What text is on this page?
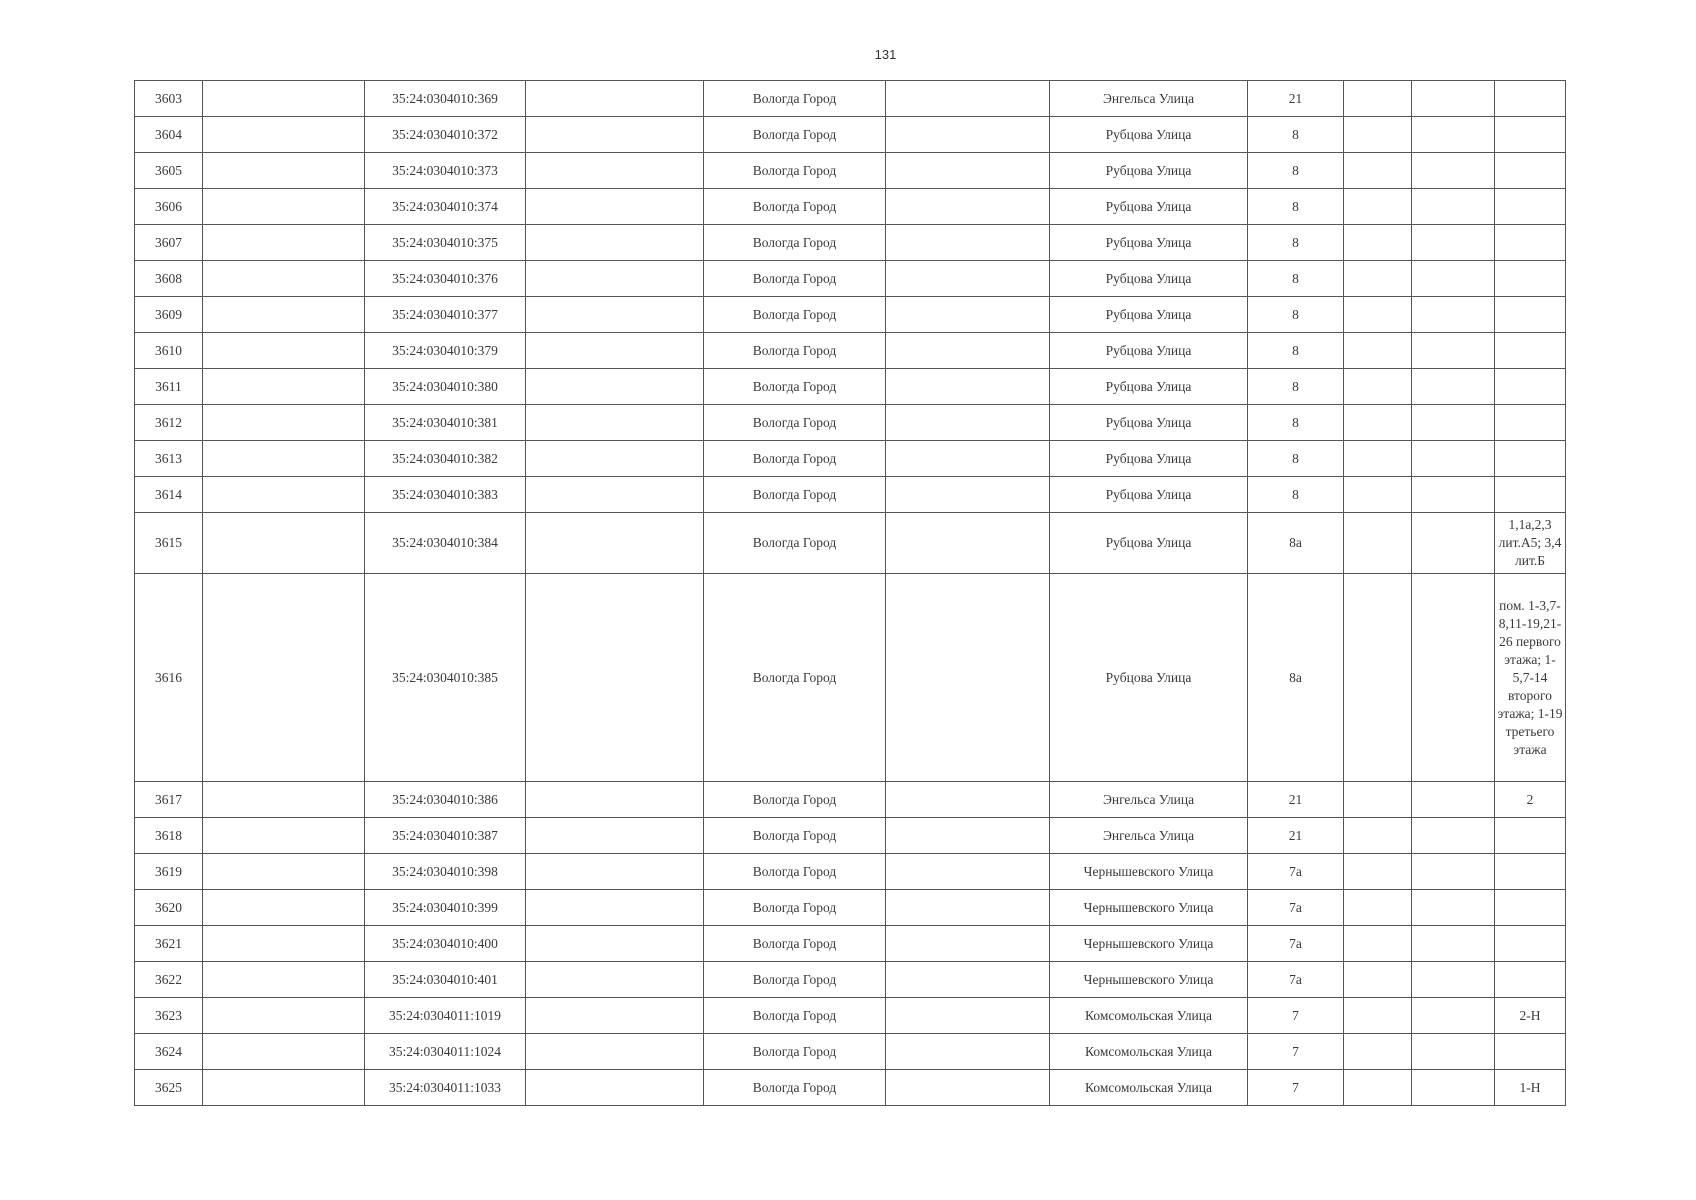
131
3603		35:24:0304010:369		Вологда Город		Энгельса Улица	21			
3604		35:24:0304010:372		Вологда Город		Рубцова Улица	8			
3605		35:24:0304010:373		Вологда Город		Рубцова Улица	8			
3606		35:24:0304010:374		Вологда Город		Рубцова Улица	8			
3607		35:24:0304010:375		Вологда Город		Рубцова Улица	8			
3608		35:24:0304010:376		Вологда Город		Рубцова Улица	8			
3609		35:24:0304010:377		Вологда Город		Рубцова Улица	8			
3610		35:24:0304010:379		Вологда Город		Рубцова Улица	8			
3611		35:24:0304010:380		Вологда Город		Рубцова Улица	8			
3612		35:24:0304010:381		Вологда Город		Рубцова Улица	8			
3613		35:24:0304010:382		Вологда Город		Рубцова Улица	8			
3614		35:24:0304010:383		Вологда Город		Рубцова Улица	8			
3615		35:24:0304010:384		Вологда Город		Рубцова Улица	8а			1,1а,2,3 лит.А5; 3,4 лит.Б
3616		35:24:0304010:385		Вологда Город		Рубцова Улица	8а			пом. 1-3,7-8,11-19,21-26 первого этажа; 1-5,7-14 второго этажа; 1-19 третьего этажа
3617		35:24:0304010:386		Вологда Город		Энгельса Улица	21			2
3618		35:24:0304010:387		Вологда Город		Энгельса Улица	21			
3619		35:24:0304010:398		Вологда Город		Чернышевского Улица	7а			
3620		35:24:0304010:399		Вологда Город		Чернышевского Улица	7а			
3621		35:24:0304010:400		Вологда Город		Чернышевского Улица	7а			
3622		35:24:0304010:401		Вологда Город		Чернышевского Улица	7а			
3623		35:24:0304011:1019		Вологда Город		Комсомольская Улица	7			2-Н
3624		35:24:0304011:1024		Вологда Город		Комсомольская Улица	7			
3625		35:24:0304011:1033		Вологда Город		Комсомольская Улица	7			1-Н
